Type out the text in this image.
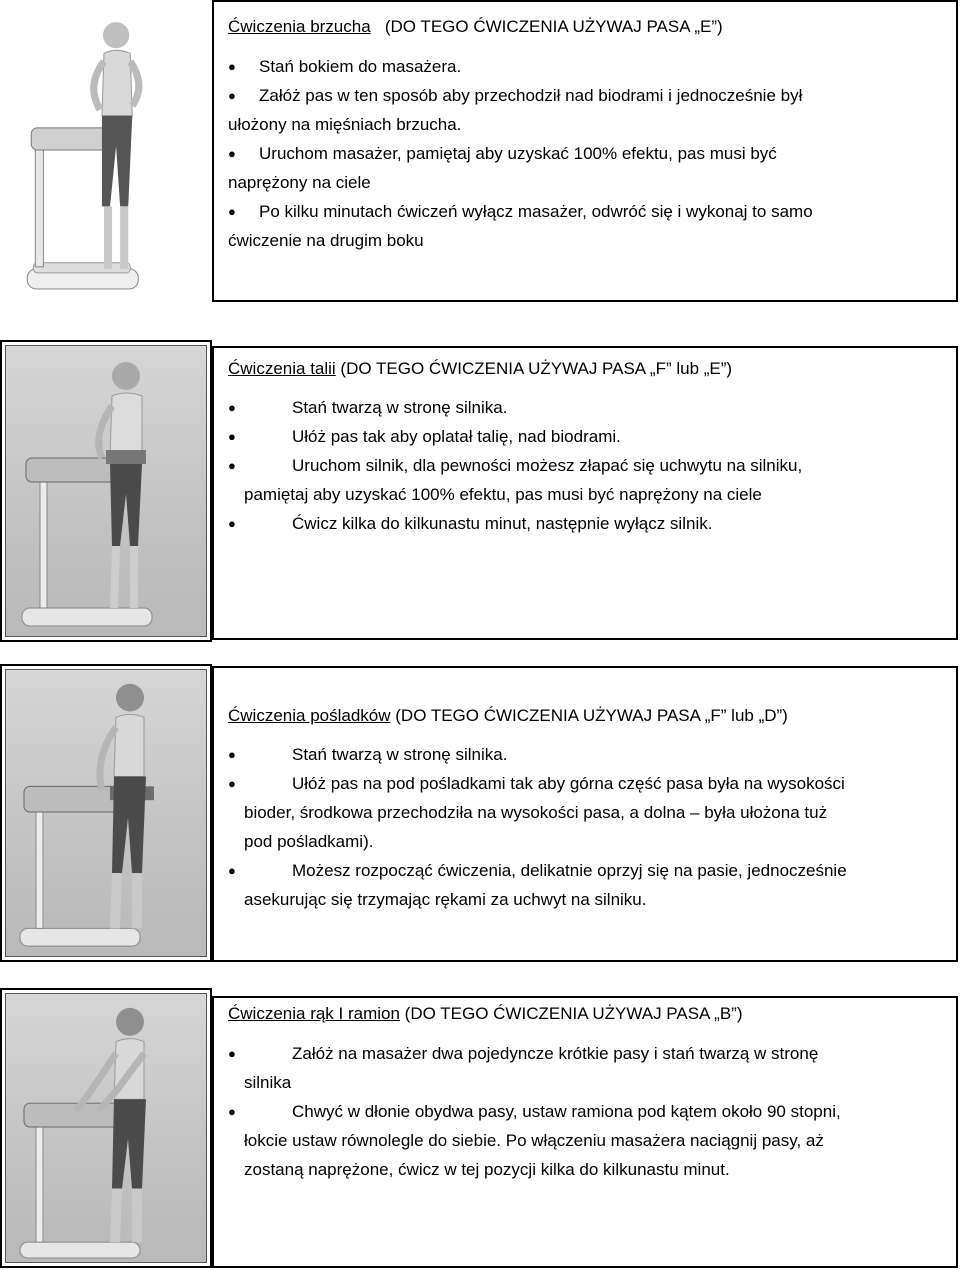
Ćwiczenia brzucha   (DO TEGO ĆWICZENIA UŻYWAJ PASA „E”)
●	Stań bokiem do masażera.
●	Załóż pas w ten sposób aby przechodził nad biodrami i jednocześnie był
ułożony na mięśniach brzucha.
●	Uruchom masażer, pamiętaj aby uzyskać 100% efektu, pas musi być
naprężony na ciele
●	Po kilku minutach ćwiczeń wyłącz masażer, odwróć się i wykonaj to samo
ćwiczenie na drugim boku
Ćwiczenia talii (DO TEGO ĆWICZENIA UŻYWAJ PASA „F” lub „E”)
●	Stań twarzą w stronę silnika.
●	Ułóż pas tak aby oplatał talię, nad biodrami.
●	Uruchom silnik, dla pewności możesz złapać się uchwytu na silniku,
pamiętaj aby uzyskać 100% efektu, pas musi być naprężony na ciele
●	Ćwicz kilka do kilkunastu minut, następnie wyłącz silnik.
Ćwiczenia pośladków (DO TEGO ĆWICZENIA UŻYWAJ PASA „F” lub „D”)
●	Stań twarzą w stronę silnika.
●	Ułóż pas na pod pośladkami tak aby górna część pasa była na wysokości
bioder, środkowa przechodziła na wysokości pasa, a dolna – była ułożona tuż
pod pośladkami).
●	Możesz rozpocząć ćwiczenia, delikatnie oprzyj się na pasie, jednocześnie
asekurując się trzymając rękami za uchwyt na silniku.
Ćwiczenia rąk I ramion (DO TEGO ĆWICZENIA UŻYWAJ PASA „B”)
●	Załóż na masażer dwa pojedyncze krótkie pasy i stań twarzą w stronę
silnika
●	Chwyć w dłonie obydwa pasy, ustaw ramiona pod kątem około 90 stopni,
łokcie ustaw równolegle do siebie. Po włączeniu masażera naciągnij pasy, aż
zostaną naprężone, ćwicz w tej pozycji kilka do kilkunastu minut.
